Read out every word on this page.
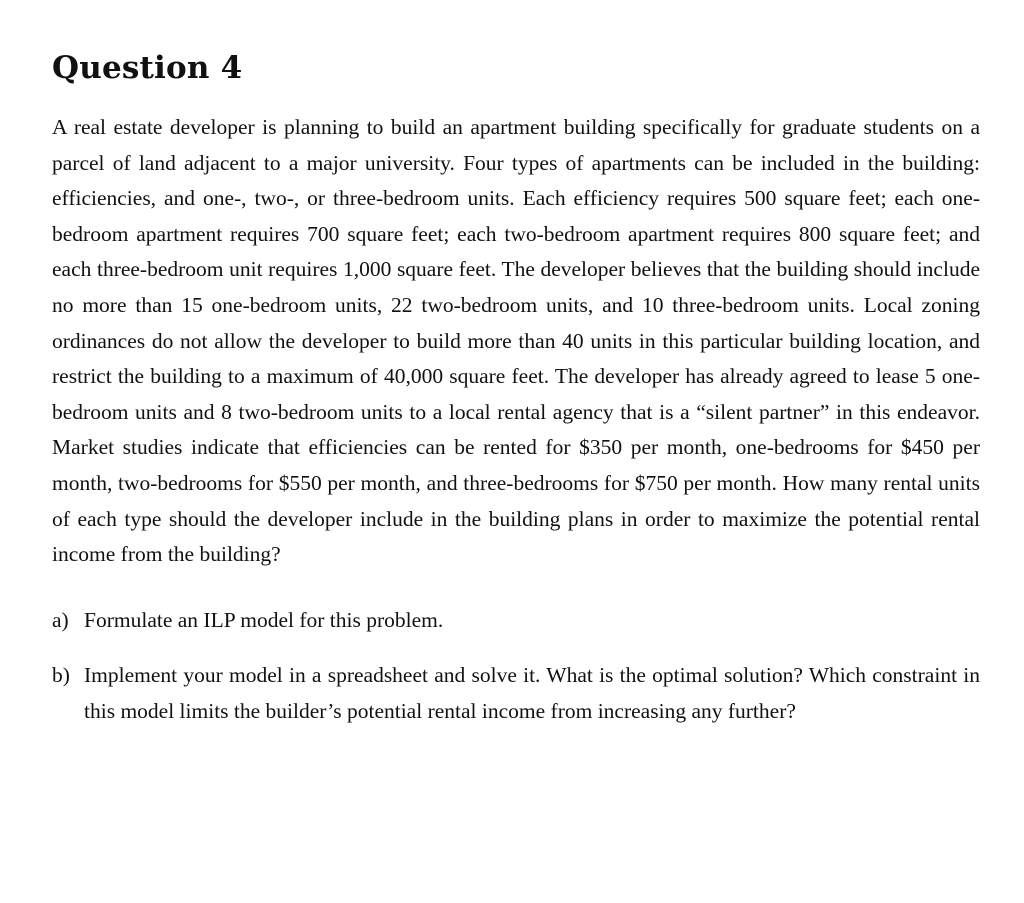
Question 4

A real estate developer is planning to build an apartment building specifically for graduate students on a parcel of land adjacent to a major university. Four types of apartments can be included in the building: efficiencies, and one-, two-, or three-bedroom units. Each efficiency requires 500 square feet; each one-bedroom apartment requires 700 square feet; each two-bedroom apartment requires 800 square feet; and each three-bedroom unit requires 1,000 square feet. The developer believes that the building should include no more than 15 one-bedroom units, 22 two-bedroom units, and 10 three-bedroom units. Local zoning ordinances do not allow the developer to build more than 40 units in this particular building location, and restrict the building to a maximum of 40,000 square feet. The developer has already agreed to lease 5 one-bedroom units and 8 two-bedroom units to a local rental agency that is a “silent partner” in this endeavor. Market studies indicate that efficiencies can be rented for $350 per month, one-bedrooms for $450 per month, two-bedrooms for $550 per month, and three-bedrooms for $750 per month. How many rental units of each type should the developer include in the building plans in order to maximize the potential rental income from the building?

a) Formulate an ILP model for this problem.
b) Implement your model in a spreadsheet and solve it. What is the optimal solution? Which constraint in this model limits the builder’s potential rental income from increasing any further?
